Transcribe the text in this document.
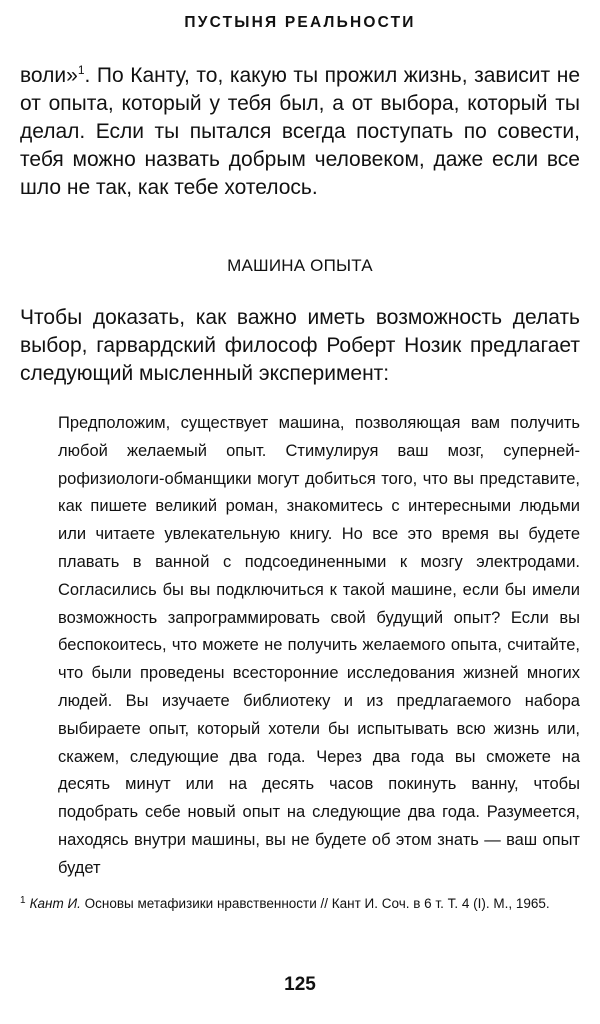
ПУСТЫНЯ РЕАЛЬНОСТИ

воли»$^1$. По Канту, то, какую ты прожил жизнь, зависит не от опыта, который у тебя был, а от выбора, который ты делал. Если ты пытался всегда поступать по совести, тебя можно назвать добрым человеком, даже если все шло не так, как тебе хотелось.

МАШИНА ОПЫТА

Чтобы доказать, как важно иметь возможность делать выбор, гарвардский философ Роберт Нозик предлагает следующий мысленный эксперимент:

Предположим, существует машина, позволяющая вам получить любой желаемый опыт. Стимулируя ваш мозг, супернейрофизиологи-обманщики могут добиться того, что вы представите, как пишете великий роман, знакомитесь с интересными людьми или читаете увлекательную книгу. Но все это время вы будете плавать в ванной с подсоединенными к мозгу электродами. Согласились бы вы подключиться к такой машине, если бы имели возможность запрограммировать свой будущий опыт? Если вы беспокоитесь, что можете не получить желаемого опыта, считайте, что были проведены всесторонние исследования жизней многих людей. Вы изучаете библиотеку и из предлагаемого набора выбираете опыт, который хотели бы испытывать всю жизнь или, скажем, следующие два года. Через два года вы сможете на десять минут или на десять часов покинуть ванну, чтобы подобрать себе новый опыт на следующие два года. Разумеется, находясь внутри машины, вы не будете об этом знать — ваш опыт будет

$^1$ Кант И. Основы метафизики нравственности // Кант И. Соч. в 6 т. Т. 4 (I). М., 1965.

125
